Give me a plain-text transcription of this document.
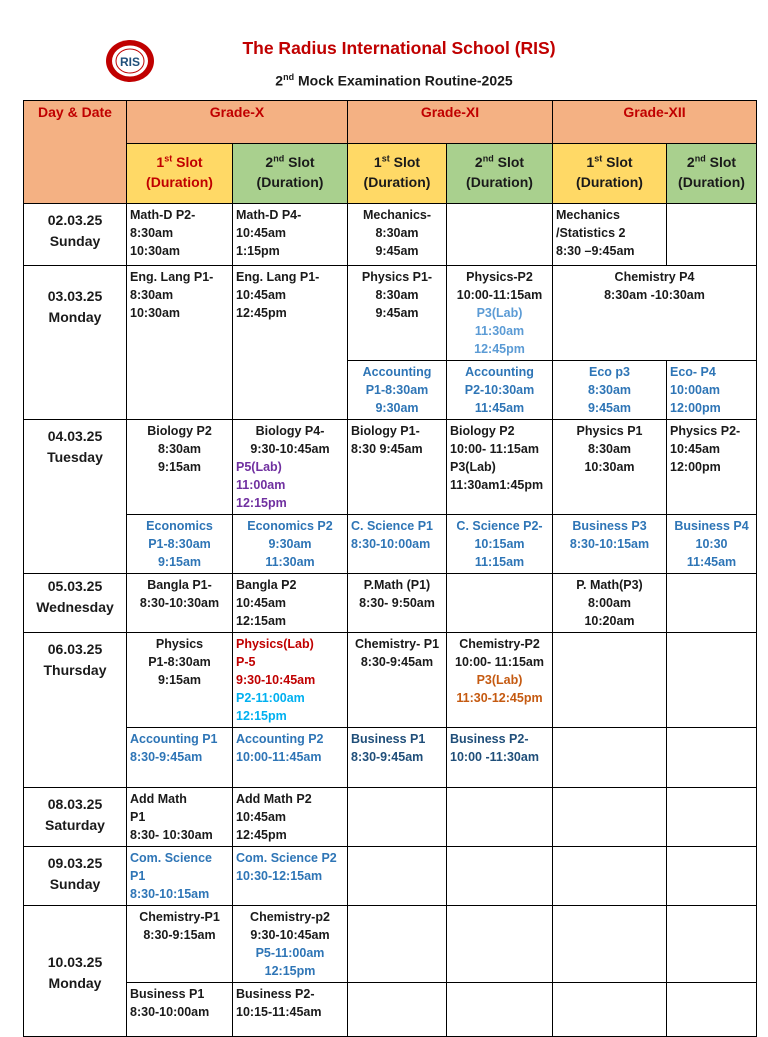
RIS
The Radius International School (RIS)
2nd Mock Examination Routine-2025
Day & Date	Grade-X		Grade-XI		Grade-XII	
	1st Slot
(Duration)	2nd Slot
(Duration)	1st Slot
(Duration)	2nd Slot
(Duration)	1st Slot
(Duration)	2nd Slot
(Duration)
02.03.25
Sunday	Math-D P2-
8:30am
10:30am	Math-D P4-
10:45am
1:15pm	Mechanics-
8:30am
9:45am		Mechanics
/Statistics 2
8:30 –9:45am	

03.03.25
Monday	Eng. Lang P1-
8:30am
10:30am	Eng. Lang P1-
10:45am
12:45pm	Physics P1-
8:30am
9:45am	Physics-P2
10:00-11:15am
P3(Lab)
11:30am
12:45pm	Chemistry P4
8:30am -10:30am	

			Accounting
P1-8:30am
9:30am	Accounting
P2-10:30am
11:45am	Eco p3
8:30am
9:45am	Eco- P4
10:00am
12:00pm

04.03.25
Tuesday	Biology P2
8:30am
9:15am	Biology P4-
9:30-10:45am
P5(Lab)
11:00am
12:15pm	Biology P1-
8:30 9:45am	Biology P2
10:00- 11:15am
P3(Lab)
11:30am1:45pm	Physics P1
8:30am
10:30am	Physics P2-
10:45am
12:00pm

	Economics
P1-8:30am
9:15am	Economics P2
9:30am
11:30am	C. Science P1
8:30-10:00am	C. Science P2-
10:15am
11:15am	Business P3
8:30-10:15am	Business P4
10:30
11:45am

05.03.25
Wednesday	Bangla P1-
8:30-10:30am	Bangla P2
10:45am
12:15am	P.Math (P1)
8:30- 9:50am		P. Math(P3)
8:00am
10:20am	

06.03.25
Thursday	Physics
P1-8:30am
9:15am	Physics(Lab)
P-5
9:30-10:45am
P2-11:00am
12:15pm	Chemistry- P1
8:30-9:45am	Chemistry-P2
10:00- 11:15am
P3(Lab)
11:30-12:45pm		

	Accounting P1
8:30-9:45am	Accounting P2
10:00-11:45am	Business P1
8:30-9:45am	Business P2-
10:00 -11:30am		

08.03.25
Saturday	Add Math
P1
8:30- 10:30am	Add Math P2
10:45am
12:45pm				

09.03.25
Sunday	Com. Science
P1
8:30-10:15am	Com. Science P2
10:30-12:15am				

10.03.25
Monday	Chemistry-P1
8:30-9:15am	Chemistry-p2
9:30-10:45am
P5-11:00am
12:15pm				

	Business P1
8:30-10:00am	Business P2-
10:15-11:45am				
